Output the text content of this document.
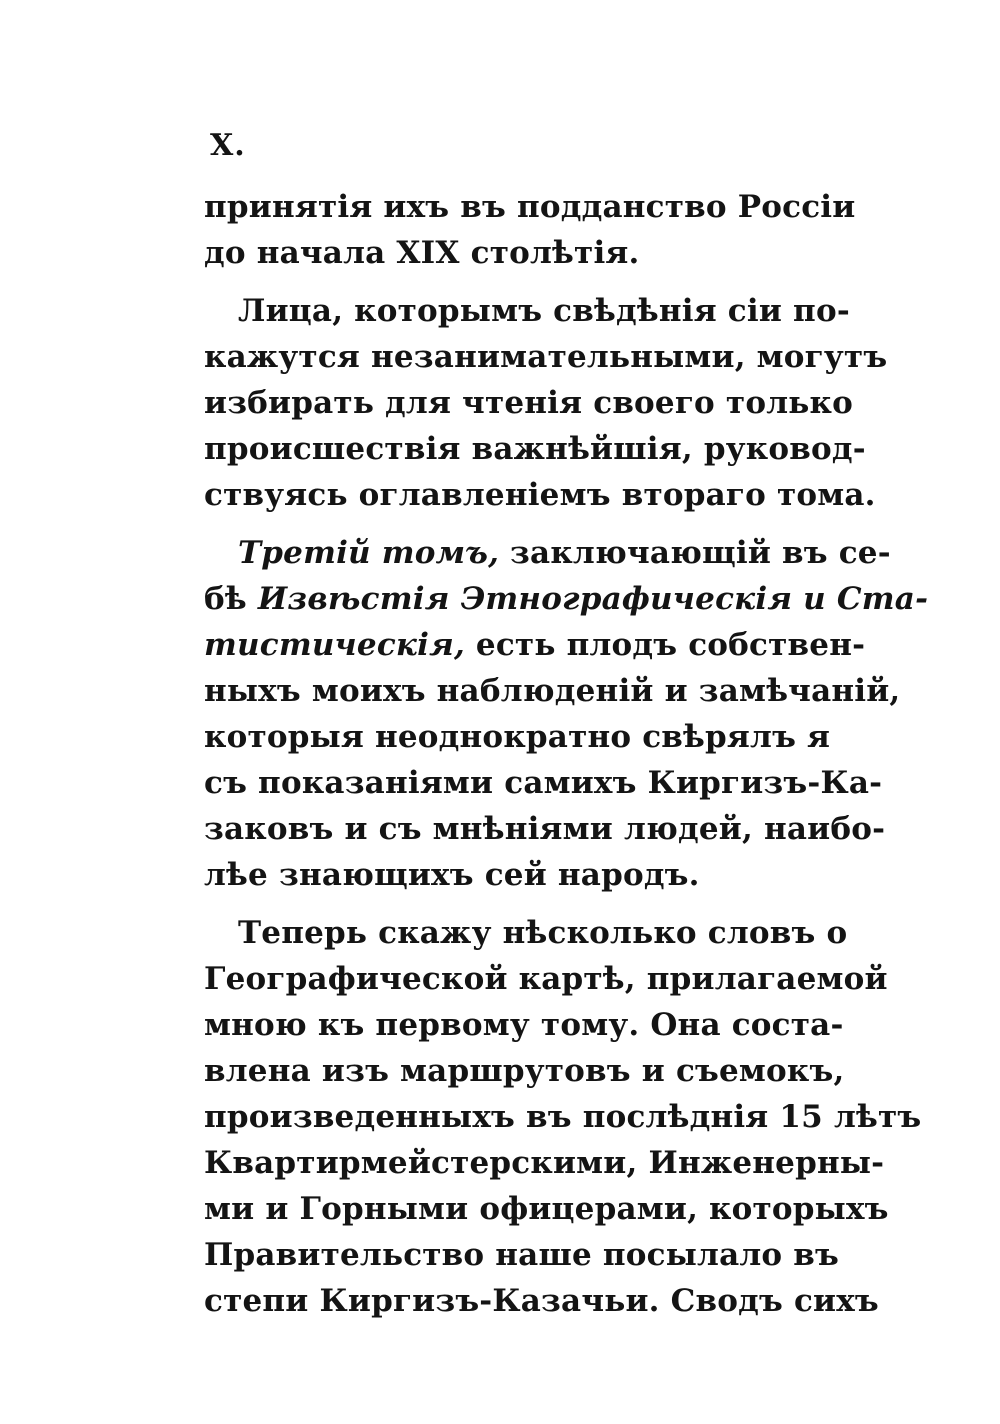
X.
принятія ихъ въ подданство Россіи
до начала XIX столѣтія.
Лица, которымъ свѣдѣнія сіи по-
кажутся незанимательными, могутъ
избирать для чтенія своего только
происшествія важнѣйшія, руковод-
ствуясь оглавленіемъ втораго тома.
Третій томъ, заключающій въ се-
бѣ Извѣстія Этнографическія и Ста-
тистическія, есть плодъ собствен-
ныхъ моихъ наблюденій и замѣчаній,
которыя неоднократно свѣрялъ я
съ показаніями самихъ Киргизъ-Ка-
заковъ и съ мнѣніями людей, наибо-
лѣе знающихъ сей народъ.
Теперь скажу нѣсколько словъ о
Географической картѣ, прилагаемой
мною къ первому тому. Она соста-
влена изъ маршрутовъ и съемокъ,
произведенныхъ въ послѣднія 15 лѣтъ
Квартирмейстерскими, Инженерны-
ми и Горными офицерами, которыхъ
Правительство наше посылало въ
степи Киргизъ-Казачьи. Сводъ сихъ
